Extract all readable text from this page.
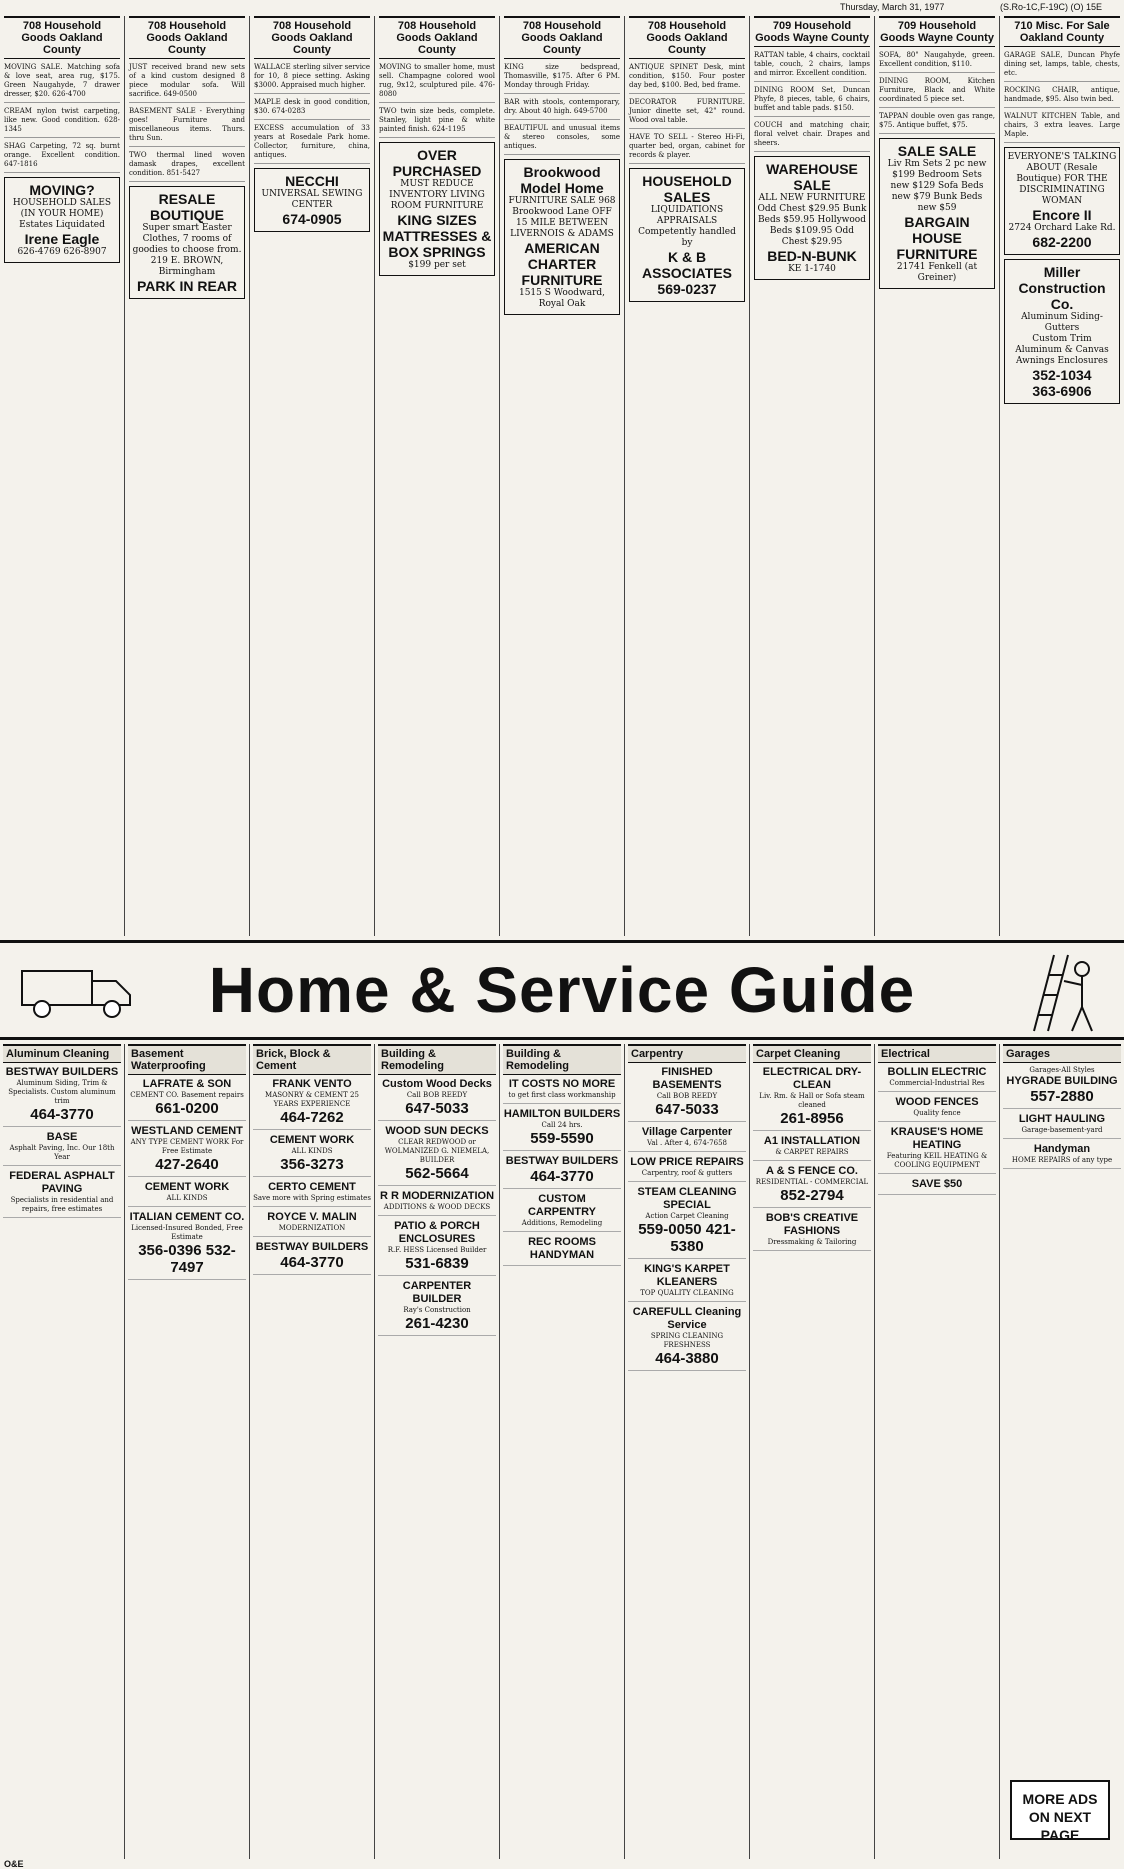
Thursday, March 31, 1977	(S.Ro-1C,F-19C) (O) 15E
708 Household Goods Oakland County

MOVING SALE. Matching sofa & love seat, area rug, $175. Green Naugahyde, 7 drawer dresser, $20. 626-4700

CREAM nylon twist carpeting, like new. Good condition. 628-1345

SHAG Carpeting, 72 sq. burnt orange. Excellent condition. 647-1816

MOVING?
HOUSEHOLD SALES (IN YOUR HOME) Estates Liquidated
Irene Eagle
626-4769 626-8907
708 Household Goods Oakland County

JUST received brand new sets of a kind custom designed 8 piece modular sofa. Will sacrifice. 649-0500

BASEMENT SALE - Everything goes! Furniture and miscellaneous items. Thurs. thru Sun.

TWO thermal lined woven damask drapes, excellent condition. 851-5427

RESALE BOUTIQUE
Super smart Easter Clothes, 7 rooms of goodies to choose from. 219 E. BROWN, Birmingham
PARK IN REAR
708 Household Goods Oakland County

WALLACE sterling silver service for 10, 8 piece setting. Asking $3000. Appraised much higher.

MAPLE desk in good condition, $30. 674-0283

EXCESS accumulation of 33 years at Rosedale Park home. Collector, furniture, china, antiques.

NECCHI
UNIVERSAL SEWING CENTER
674-0905
708 Household Goods Oakland County

MOVING to smaller home, must sell. Champagne colored wool rug, 9x12, sculptured pile. 476-8080

TWO twin size beds, complete. Stanley, light pine & white painted finish. 624-1195

OVER PURCHASED
MUST REDUCE INVENTORY LIVING ROOM FURNITURE
KING SIZES MATTRESSES & BOX SPRINGS
$199 per set
708 Household Goods Oakland County

KING size bedspread, Thomasville, $175. After 6 PM. Monday through Friday.

BAR with stools, contemporary, dry. About 40 high. 649-5700

BEAUTIFUL and unusual items & stereo consoles, some antiques.

Brookwood Model Home
FURNITURE SALE 968 Brookwood Lane OFF 15 MILE BETWEEN LIVERNOIS & ADAMS
AMERICAN CHARTER FURNITURE
1515 S Woodward, Royal Oak
708 Household Goods Oakland County

ANTIQUE SPINET Desk, mint condition, $150. Four poster day bed, $100. Bed, bed frame.

DECORATOR FURNITURE. Junior dinette set, 42" round. Wood oval table.

HAVE TO SELL - Stereo Hi-Fi, quarter bed, organ, cabinet for records & player.

HOUSEHOLD SALES
LIQUIDATIONS APPRAISALS Competently handled by
K & B ASSOCIATES
569-0237
709 Household Goods Wayne County

RATTAN table, 4 chairs, cocktail table, couch, 2 chairs, lamps and mirror. Excellent condition.

DINING ROOM Set, Duncan Phyfe, 8 pieces, table, 6 chairs, buffet and table pads. $150.

COUCH and matching chair, floral velvet chair. Drapes and sheers.

WAREHOUSE SALE
ALL NEW FURNITURE Odd Chest $29.95 Bunk Beds $59.95 Hollywood Beds $109.95 Odd Chest $29.95
BED-N-BUNK
KE 1-1740
709 Household Goods Wayne County

SOFA, 80" Naugahyde, green. Excellent condition, $110.

DINING ROOM, Kitchen Furniture, Black and White coordinated 5 piece set.

TAPPAN double oven gas range, $75. Antique buffet, $75.

SALE SALE
Liv Rm Sets 2 pc new $199 Bedroom Sets new $129 Sofa Beds new $79 Bunk Beds new $59
BARGAIN HOUSE FURNITURE
21741 Fenkell (at Greiner)
710 Misc. For Sale Oakland County

GARAGE SALE, Duncan Phyfe dining set, lamps, table, chests, etc.

ROCKING CHAIR, antique, handmade, $95. Also twin bed.

WALNUT KITCHEN Table, and chairs, 3 extra leaves. Large Maple.

EVERYONE'S TALKING ABOUT (Resale Boutique) FOR THE DISCRIMINATING WOMAN
Encore II
2724 Orchard Lake Rd.
682-2200
Miller Construction Co.
Aluminum Siding-Gutters
Custom Trim
Aluminum & Canvas Awnings Enclosures
352-1034
363-6906
Home & Service Guide
Aluminum Cleaning
BESTWAY BUILDERS
Aluminum Siding, Trim & Specialists. Custom aluminum trim
464-3770
BASE
Asphalt Paving, Inc. Our 18th Year
FEDERAL ASPHALT PAVING
Specialists in residential and repairs, free estimates
Basement Waterproofing
LAFRATE & SON
CEMENT CO. Basement repairs
661-0200
WESTLAND CEMENT
ANY TYPE CEMENT WORK For Free Estimate
427-2640
CEMENT WORK
ALL KINDS
ITALIAN CEMENT CO.
Licensed-Insured Bonded, Free Estimate
356-0396 532-7497
Brick, Block & Cement
FRANK VENTO
MASONRY & CEMENT 25 YEARS EXPERIENCE
464-7262
CEMENT WORK
ALL KINDS
356-3273
CERTO CEMENT
Save more with Spring estimates
ROYCE V. MALIN
MODERNIZATION
BESTWAY BUILDERS
464-3770
Building & Remodeling
Custom Wood Decks
Call BOB REEDY
647-5033
WOOD SUN DECKS
CLEAR REDWOOD or WOLMANIZED G. NIEMELA, BUILDER
562-5664
R R MODERNIZATION
ADDITIONS & WOOD DECKS
PATIO & PORCH ENCLOSURES
R.F. HESS Licensed Builder
531-6839
CARPENTER BUILDER
Ray's Construction
261-4230
Building & Remodeling
IT COSTS NO MORE
to get first class workmanship
HAMILTON BUILDERS
Call 24 hrs.
559-5590
BESTWAY BUILDERS
464-3770
CUSTOM CARPENTRY
Additions, Remodeling
REC ROOMS HANDYMAN
Carpentry
FINISHED BASEMENTS
Call BOB REEDY
647-5033
Village Carpenter
Val . After 4, 674-7658
LOW PRICE REPAIRS
Carpentry, roof & gutters
STEAM CLEANING SPECIAL
Action Carpet Cleaning
559-0050 421-5380
KING'S KARPET KLEANERS
TOP QUALITY CLEANING
CAREFULL Cleaning Service
SPRING CLEANING FRESHNESS
464-3880
Carpet Cleaning
ELECTRICAL DRY-CLEAN
Liv. Rm. & Hall or Sofa steam cleaned
261-8956
A1 INSTALLATION
& CARPET REPAIRS
A & S FENCE CO.
RESIDENTIAL - COMMERCIAL
852-2794
BOB'S CREATIVE FASHIONS
Dressmaking & Tailoring
Electrical
BOLLIN ELECTRIC
Commercial-Industrial Res
WOOD FENCES
Quality fence
KRAUSE'S HOME HEATING
Featuring KEIL HEATING & COOLING EQUIPMENT
SAVE $50
Garages
Garages-All Styles
HYGRADE BUILDING
557-2880
LIGHT HAULING
Garage-basement-yard
Handyman
HOME REPAIRS of any type
MORE ADS
ON NEXT PAGE
O&E
